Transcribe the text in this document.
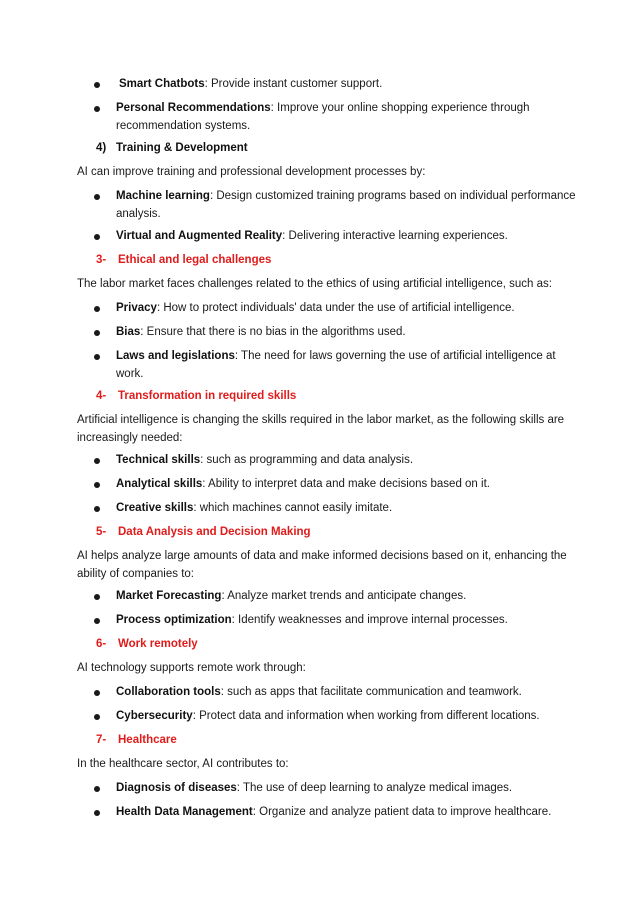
Smart Chatbots: Provide instant customer support.
Personal Recommendations: Improve your online shopping experience through recommendation systems.
4) Training & Development
AI can improve training and professional development processes by:
Machine learning: Design customized training programs based on individual performance analysis.
Virtual and Augmented Reality: Delivering interactive learning experiences.
3- Ethical and legal challenges
The labor market faces challenges related to the ethics of using artificial intelligence, such as:
Privacy: How to protect individuals' data under the use of artificial intelligence.
Bias: Ensure that there is no bias in the algorithms used.
Laws and legislations: The need for laws governing the use of artificial intelligence at work.
4- Transformation in required skills
Artificial intelligence is changing the skills required in the labor market, as the following skills are increasingly needed:
Technical skills: such as programming and data analysis.
Analytical skills: Ability to interpret data and make decisions based on it.
Creative skills: which machines cannot easily imitate.
5- Data Analysis and Decision Making
AI helps analyze large amounts of data and make informed decisions based on it, enhancing the ability of companies to:
Market Forecasting: Analyze market trends and anticipate changes.
Process optimization: Identify weaknesses and improve internal processes.
6- Work remotely
AI technology supports remote work through:
Collaboration tools: such as apps that facilitate communication and teamwork.
Cybersecurity: Protect data and information when working from different locations.
7- Healthcare
In the healthcare sector, AI contributes to:
Diagnosis of diseases: The use of deep learning to analyze medical images.
Health Data Management: Organize and analyze patient data to improve healthcare.
